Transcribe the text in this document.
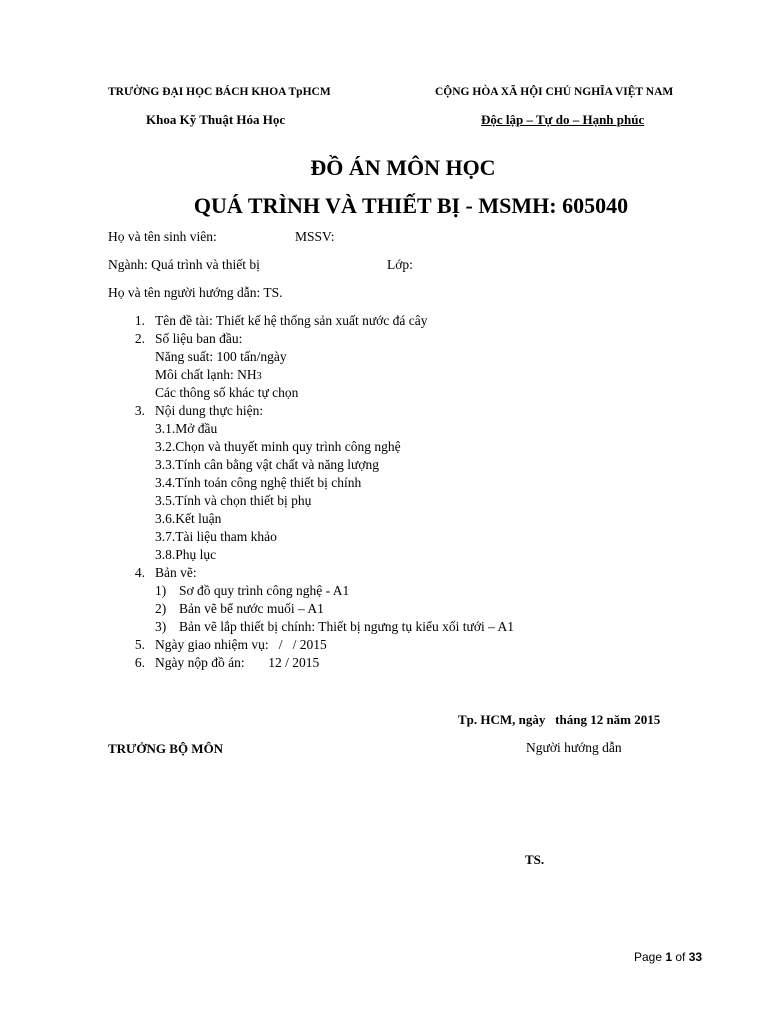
TRƯỜNG ĐẠI HỌC BÁCH KHOA TpHCM	CỘNG HÒA XÃ HỘI CHỦ NGHĨA VIỆT NAM
Khoa Kỹ Thuật Hóa Học	Độc lập – Tự do – Hạnh phúc
ĐỒ ÁN MÔN HỌC
QUÁ TRÌNH VÀ THIẾT BỊ - MSMH: 605040
Họ và tên sinh viên:	MSSV:
Ngành: Quá trình và thiết bị	Lớp:
Họ và tên người hướng dẫn: TS.
1. Tên đề tài: Thiết kế hệ thống sản xuất nước đá cây
2. Số liệu ban đầu:
Năng suất: 100 tấn/ngày
Môi chất lạnh: NH3
Các thông số khác tự chọn
3. Nội dung thực hiện:
3.1.Mở đầu
3.2.Chọn và thuyết minh quy trình công nghệ
3.3.Tính cân bằng vật chất và năng lượng
3.4.Tính toán công nghệ thiết bị chính
3.5.Tính và chọn thiết bị phụ
3.6.Kết luận
3.7.Tài liệu tham khảo
3.8.Phụ lục
4. Bản vẽ:
1) Sơ đồ quy trình công nghệ - A1
2) Bản vẽ bể nước muối – A1
3) Bản vẽ lắp thiết bị chính: Thiết bị ngưng tụ kiểu xối tưới – A1
5. Ngày giao nhiệm vụ:   /   / 2015
6. Ngày nộp đồ án:       12 / 2015
Tp. HCM, ngày   tháng 12 năm 2015
TRƯỞNG BỘ MÔN	Người hướng dẫn
TS.
Page 1 of 33
